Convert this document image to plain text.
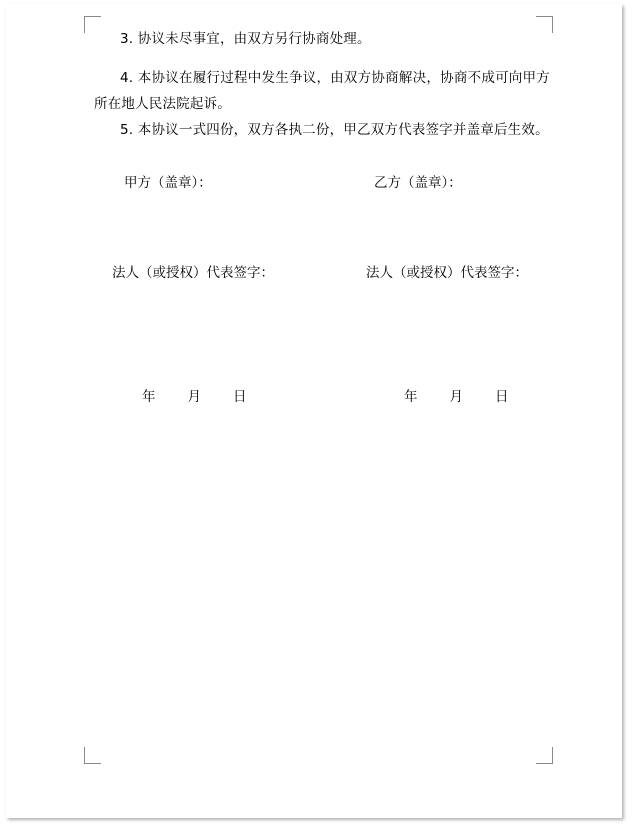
3. 协议未尽事宜，由双方另行协商处理。

4. 本协议在履行过程中发生争议，由双方协商解决，协商不成可向甲方所在地人民法院起诉。

5. 本协议一式四份，双方各执二份，甲乙双方代表签字并盖章后生效。

甲方（盖章）：	乙方（盖章）：
法人（或授权）代表签字：	法人（或授权）代表签字：
年 月 日	年 月 日
